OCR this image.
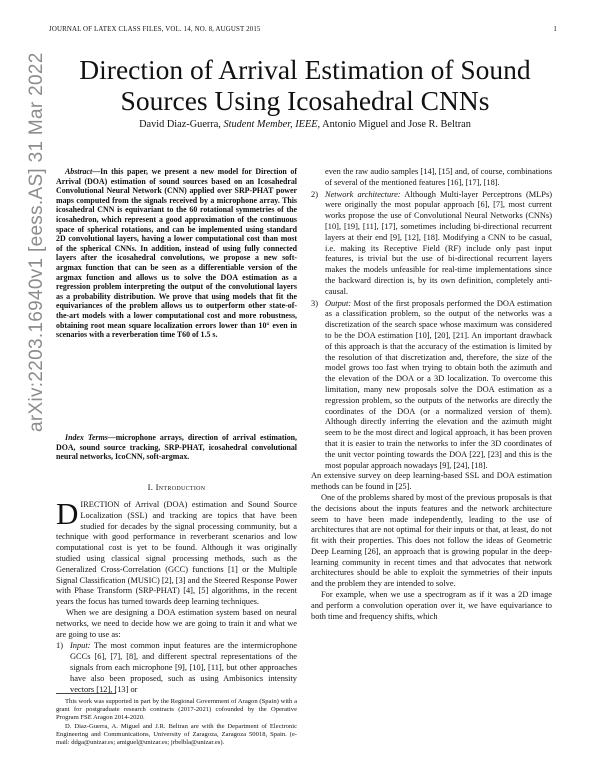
JOURNAL OF LATEX CLASS FILES, VOL. 14, NO. 8, AUGUST 2015	1
Direction of Arrival Estimation of Sound Sources Using Icosahedral CNNs
David Diaz-Guerra, Student Member, IEEE, Antonio Miguel and Jose R. Beltran
arXiv:2203.16940v1 [eess.AS] 31 Mar 2022	Abstract—In this paper, we present a new model for Direction of Arrival (DOA) estimation of sound sources based on an Icosahedral Convolutional Neural Network (CNN) applied over SRP-PHAT power maps computed from the signals received by a microphone array. This icosahedral CNN is equivariant to the 60 rotational symmetries of the icosahedron, which represent a good approximation of the continuous space of spherical rotations, and can be implemented using standard 2D convolutional layers, having a lower computational cost than most of the spherical CNNs. In addition, instead of using fully connected layers after the icosahedral convolutions, we propose a new soft-argmax function that can be seen as a differentiable version of the argmax function and allows us to solve the DOA estimation as a regression problem interpreting the output of the convolutional layers as a probability distribution. We prove that using models that fit the equivariances of the problem allows us to outperform other state-of-the-art models with a lower computational cost and more robustness, obtaining root mean square localization errors lower than 10° even in scenarios with a reverberation time T60 of 1.5 s.

Index Terms—microphone arrays, direction of arrival estimation, DOA, sound source tracking, SRP-PHAT, icosahedral convolutional neural networks, IcoCNN, soft-argmax.

I. Introduction

DIRECTION of Arrival (DOA) estimation and Sound Source Localization (SSL) and tracking are topics that have been studied for decades by the signal processing community, but a technique with good performance in reverberant scenarios and low computational cost is yet to be found. Although it was originally studied using classical signal processing methods, such as the Generalized Cross-Correlation (GCC) functions [1] or the Multiple Signal Classification (MUSIC) [2], [3] and the Steered Response Power with Phase Transform (SRP-PHAT) [4], [5] algorithms, in the recent years the focus has turned towards deep learning techniques.

When we are designing a DOA estimation system based on neural networks, we need to decide how we are going to train it and what we are going to use as:

1) Input: The most common input features are the intermicrophone GCCs [6], [7], [8], and different spectral representations of the signals from each microphone [9], [10], [11], but other approaches have also been proposed, such as using Ambisonics intensity vectors [12], [13] or

This work was supported in part by the Regional Government of Aragon (Spain) with a grant for postgraduate research contracts (2017-2021) cofounded by the Operative Program FSE Aragon 2014-2020.

D. Diaz-Guerra, A. Miguel and J.R. Beltran are with the Department of Electronic Engineering and Communications, University of Zaragoza, Zaragoza 50018, Spain. (e-mail: ddga@unizar.es; amiguel@unizar.es; jrbelbla@unizar.es).

even the raw audio samples [14], [15] and, of course, combinations of several of the mentioned features [16], [17], [18].

2) Network architecture: Although Multi-layer Perceptrons (MLPs) were originally the most popular approach [6], [7], most current works propose the use of Convolutional Neural Networks (CNNs) [10], [19], [11], [17], sometimes including bi-directional recurrent layers at their end [9], [12], [18]. Modifying a CNN to be casual, i.e. making its Receptive Field (RF) include only past input features, is trivial but the use of bi-directional recurrent layers makes the models unfeasible for real-time implementations since the backward direction is, by its own definition, completely anti-causal.
3) Output: Most of the first proposals performed the DOA estimation as a classification problem, so the output of the networks was a discretization of the search space whose maximum was considered to be the DOA estimation [10], [20], [21]. An important drawback of this approach is that the accuracy of the estimation is limited by the resolution of that discretization and, therefore, the size of the model grows too fast when trying to obtain both the azimuth and the elevation of the DOA or a 3D localization. To overcome this limitation, many new proposals solve the DOA estimation as a regression problem, so the outputs of the networks are directly the coordinates of the DOA (or a normalized version of them). Although directly inferring the elevation and the azimuth might seem to be the most direct and logical approach, it has been proven that it is easier to train the networks to infer the 3D coordinates of the unit vector pointing towards the DOA [22], [23] and this is the most popular approach nowadays [9], [24], [18].

An extensive survey on deep learning-based SSL and DOA estimation methods can be found in [25].

One of the problems shared by most of the previous proposals is that the decisions about the inputs features and the network architecture seem to have been made independently, leading to the use of architectures that are not optimal for their inputs or that, at least, do not fit with their properties. This does not follow the ideas of Geometric Deep Learning [26], an approach that is growing popular in the deep-learning community in recent times and that advocates that network architectures should be able to exploit the symmetries of their inputs and the problem they are intended to solve.

For example, when we use a spectrogram as if it was a 2D image and perform a convolution operation over it, we have equivariance to both time and frequency shifts, which
